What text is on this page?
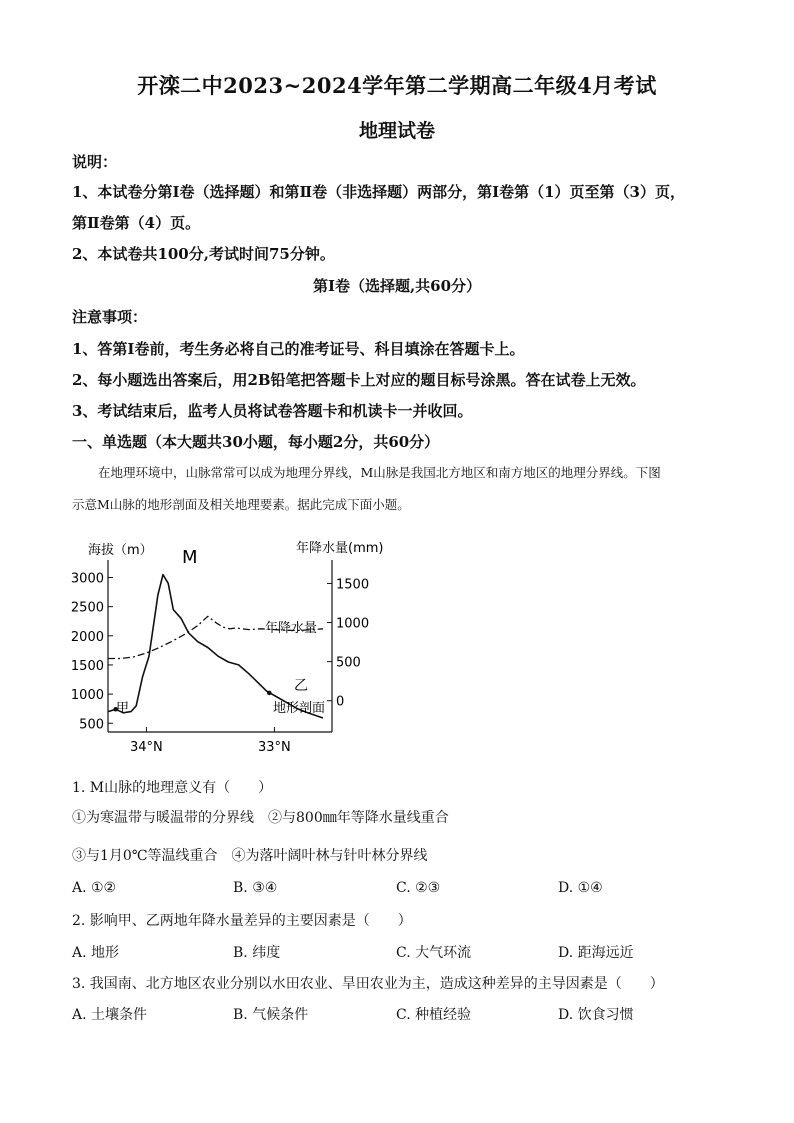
开滦二中2023~2024学年第二学期高二年级4月考试
地理试卷
说明：
1、本试卷分第Ⅰ卷（选择题）和第Ⅱ卷（非选择题）两部分，第Ⅰ卷第（1）页至第（3）页，
第Ⅱ卷第（4）页。
2、本试卷共100分,考试时间75分钟。
第Ⅰ卷（选择题,共60分）
注意事项：
1、答第Ⅰ卷前，考生务必将自己的准考证号、科目填涂在答题卡上。
2、每小题选出答案后，用2B铅笔把答题卡上对应的题目标号涂黑。答在试卷上无效。
3、考试结束后，监考人员将试卷答题卡和机读卡一并收回。
一、单选题（本大题共30小题，每小题2分，共60分）
在地理环境中，山脉常常可以成为地理分界线，M山脉是我国北方地区和南方地区的地理分界线。下图
示意M山脉的地形剖面及相关地理要素。据此完成下面小题。
海拔（m）	年降水量(mm)
3000
2500
2000
1500
1000
500
1500
1000
500
0
34°N	33°N
M
年降水量
甲
乙
地形剖面
1. M山脉的地理意义有（　　）
①为寒温带与暖温带的分界线　②与800㎜年等降水量线重合
③与1月0℃等温线重合　④为落叶阔叶林与针叶林分界线
A. ①②	B. ③④	C. ②③	D. ①④
2. 影响甲、乙两地年降水量差异的主要因素是（　　）
A. 地形	B. 纬度	C. 大气环流	D. 距海远近
3. 我国南、北方地区农业分别以水田农业、旱田农业为主，造成这种差异的主导因素是（　　）
A. 土壤条件	B. 气候条件	C. 种植经验	D. 饮食习惯
